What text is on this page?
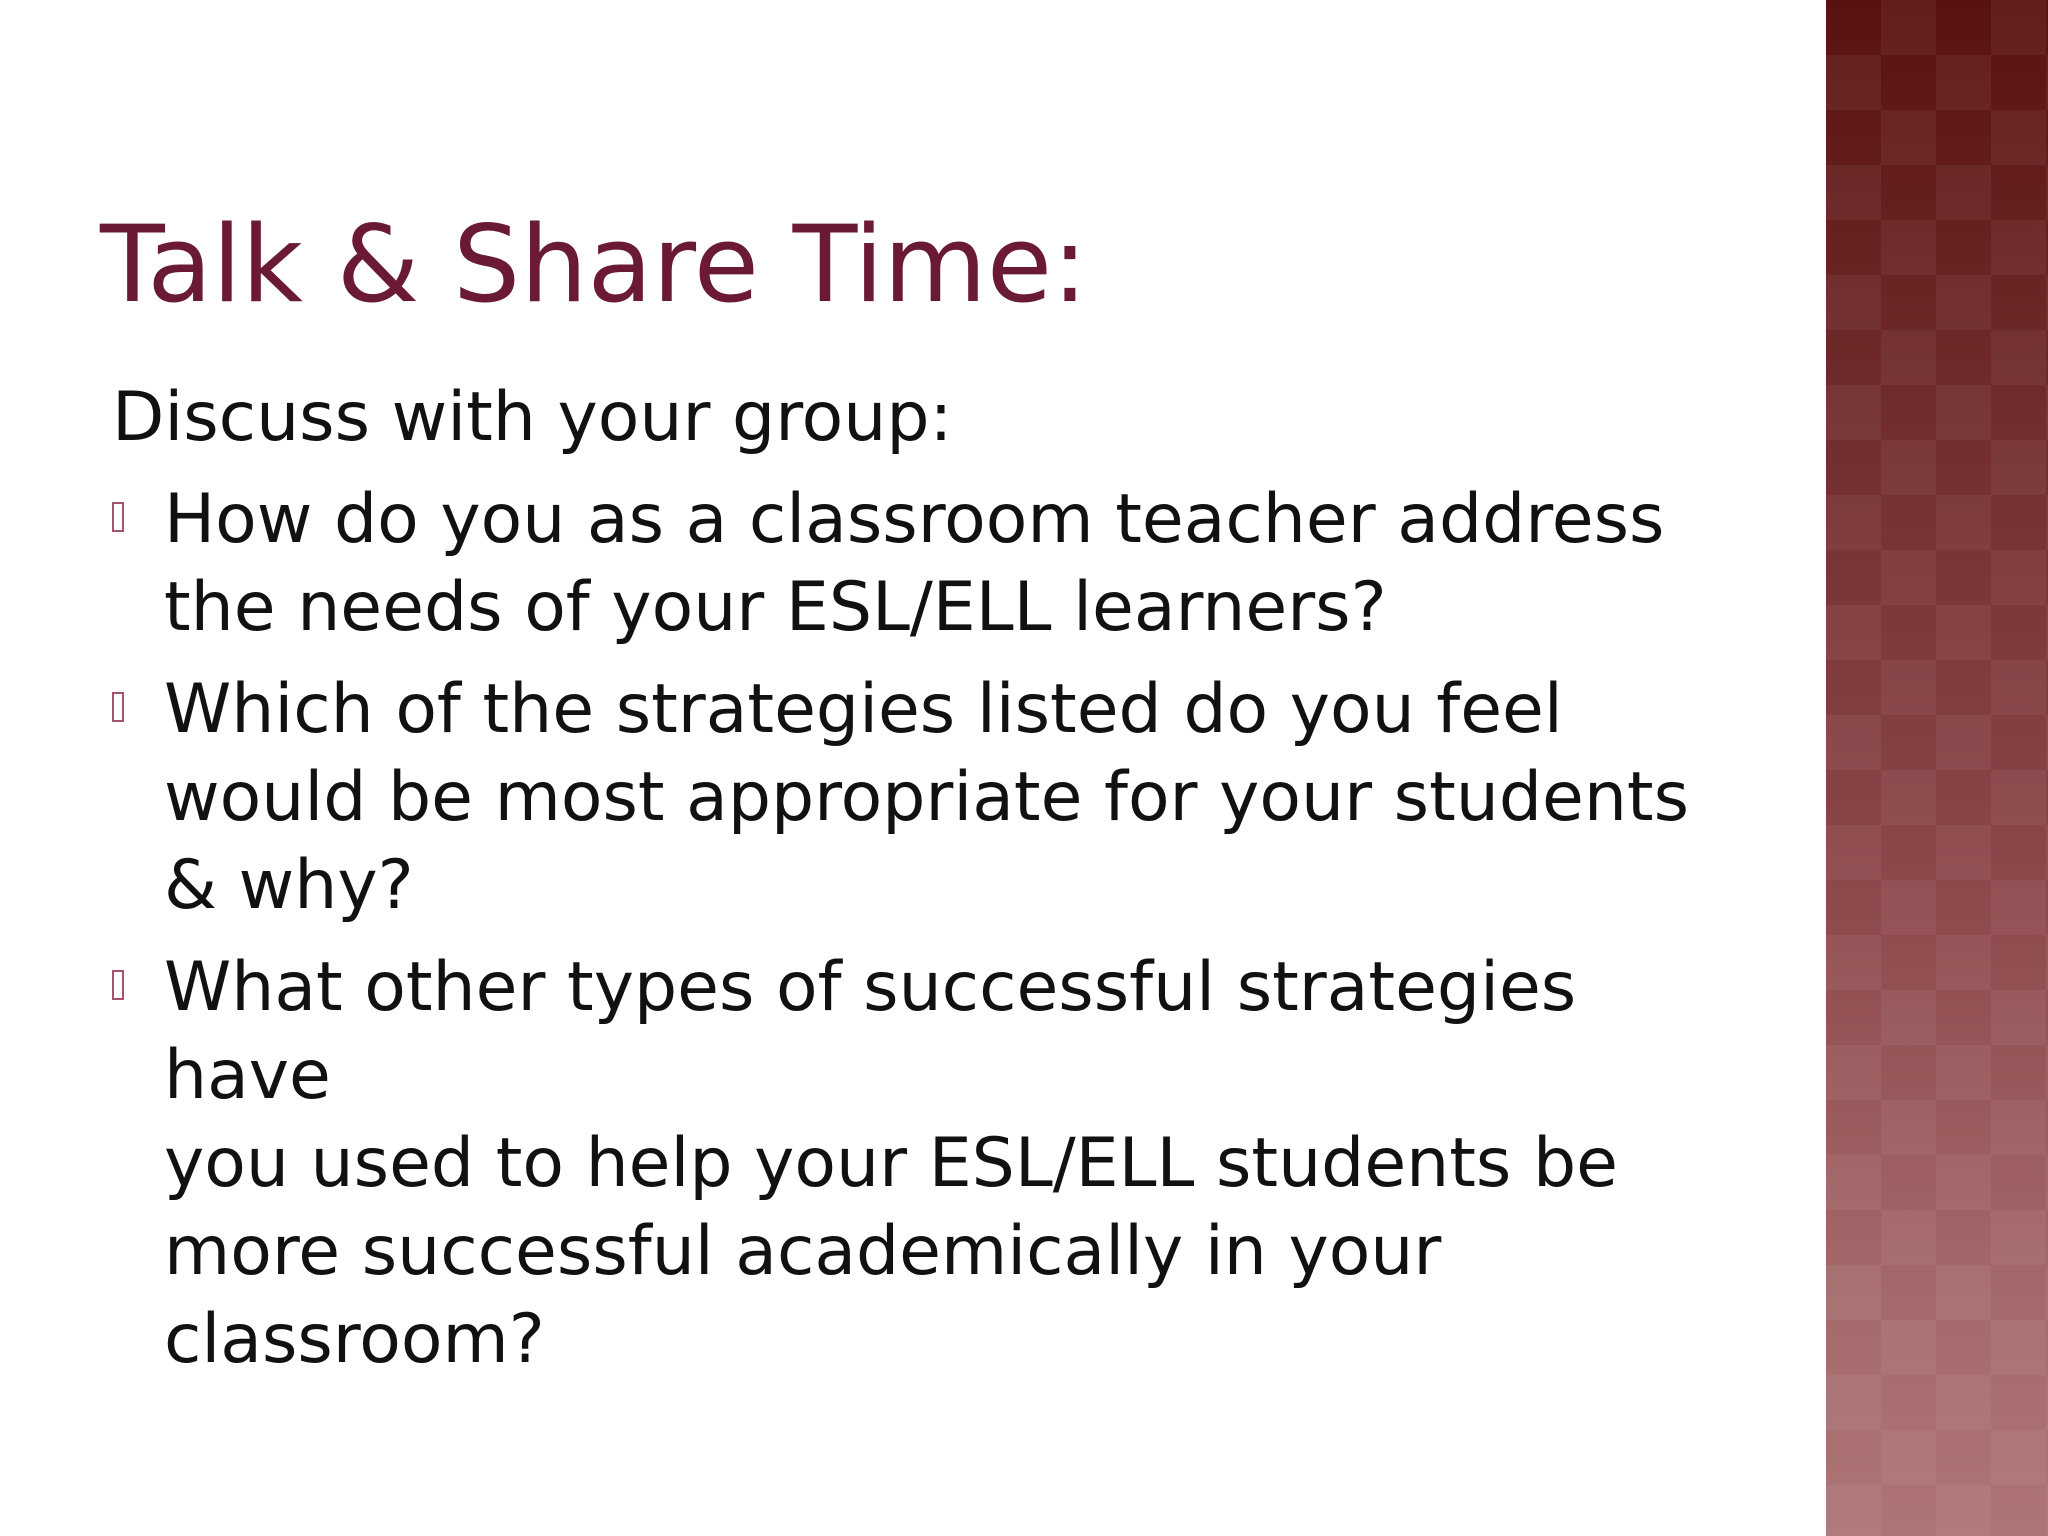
Talk & Share Time:

Discuss with your group:

How do you as a classroom teacher address
the needs of your ESL/ELL learners?
Which of the strategies listed do you feel
would be most appropriate for your students
& why?
What other types of successful strategies have
you used to help your ESL/ELL students be
more successful academically in your
classroom?
